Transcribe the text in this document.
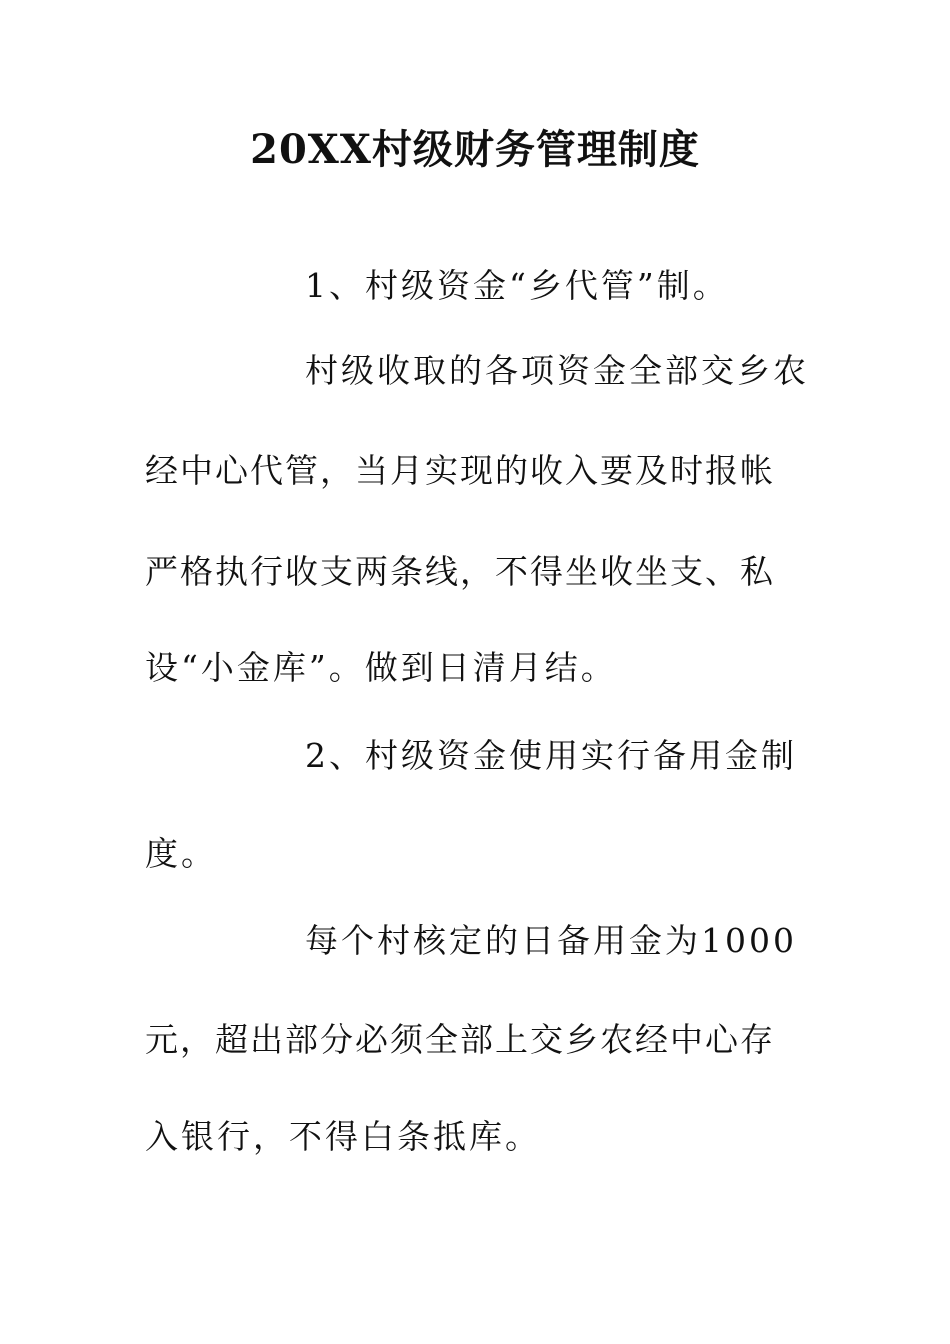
20XX村级财务管理制度
1、村级资金“乡代管”制。
村级收取的各项资金全部交乡农
经中心代管，当月实现的收入要及时报帐
严格执行收支两条线，不得坐收坐支、私
设“小金库”。做到日清月结。
2、村级资金使用实行备用金制
度。
每个村核定的日备用金为1000
元，超出部分必须全部上交乡农经中心存
入银行，不得白条抵库。
